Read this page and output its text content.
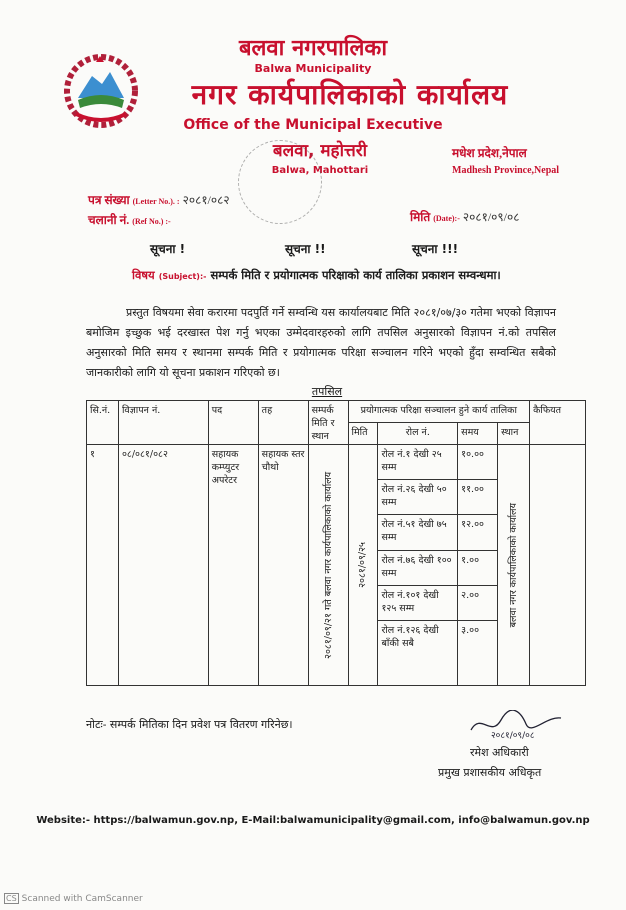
बलवा नगरपालिका
Balwa Municipality
नगर कार्यपालिकाको कार्यालय
Office of the Municipal Executive
बलवा, महोत्तरी
Balwa, Mahottari
मधेश प्रदेश,नेपाल
Madhesh Province,Nepal
पत्र संख्या (Letter No.). : २०८१/०८२
चलानी नं. (Ref No.) :-	मिति (Date):- २०८१/०९/०८
सूचना !	सूचना !!	सूचना !!!
विषय (Subject):- सम्पर्क मिति र प्रयोगात्मक परिक्षाको कार्य तालिका प्रकाशन सम्वन्धमा।
प्रस्तुत विषयमा सेवा करारमा पदपुर्ति गर्ने सम्वन्धि यस कार्यालयबाट मिति २०८१/०७/३० गतेमा भएको विज्ञापन बमोजिम इच्छुक भई दरखास्त पेश गर्नु भएका उम्मेदवारहरुको लागि तपसिल अनुसारको विज्ञापन नं.को तपसिल अनुसारको मिति समय र स्थानमा सम्पर्क मिति र प्रयोगात्मक परिक्षा सञ्चालन गरिने भएको हुँदा सम्वन्धित सबैको जानकारीको लागि यो सूचना प्रकाशन गरिएको छ।
तपसिल
सि.नं.	विज्ञापन नं.	पद	तह	सम्पर्क मिति र स्थान	प्रयोगात्मक परिक्षा सञ्चालन हुने कार्य तालिका				कैफियत
					मिति	रोल नं.	समय	स्थान	
१	०८/०८१/०८२	सहायक कम्प्युटर अपरेटर	सहायक स्तर चौथो	२०८१/०९/२१ गते बलवा नगर कार्यपालिकाको कार्यालय	२०८१/०९/२५	रोल नं.१ देखी २५ सम्म	१०.००	बलवा नगर कार्यपालिकाको कार्यालय	

						रोल नं.२६ देखी ५० सम्म	११.००		
						रोल नं.५१ देखी ७५ सम्म	१२.००		
						रोल नं.७६ देखी १०० सम्म	१.००		
						रोल नं.१०१ देखी १२५ सम्म	२.००		
						रोल नं.१२६ देखी बाँकी सबै	३.००		
नोटः- सम्पर्क मितिका दिन प्रवेश पत्र वितरण गरिनेछ।
२०८१/०९/०८
रमेश अधिकारी
प्रमुख प्रशासकीय अधिकृत
Website:- https://balwamun.gov.np, E-Mail:balwamunicipality@gmail.com, info@balwamun.gov.np
CS Scanned with CamScanner
